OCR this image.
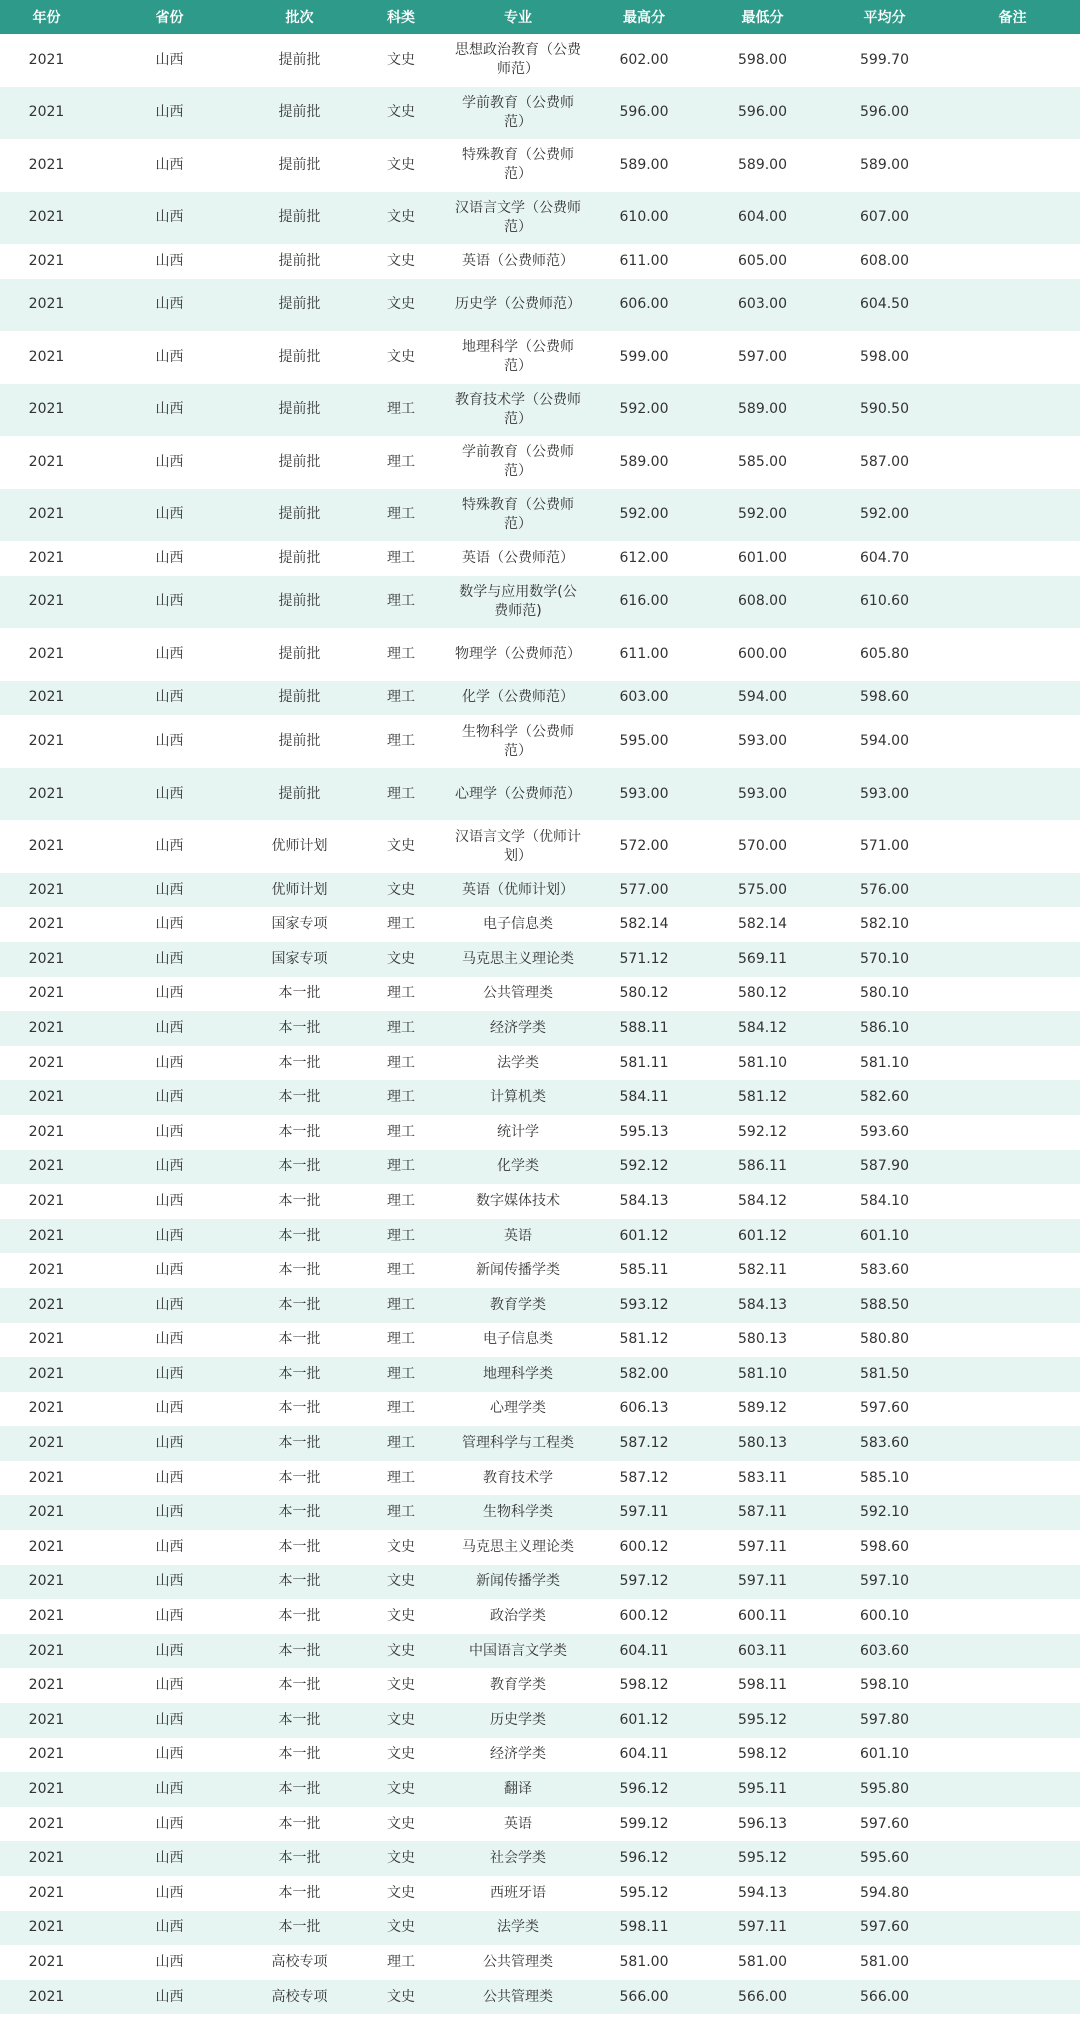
年份	省份	批次	科类	专业	最高分	最低分	平均分	备注
2021	山西	提前批	文史	思想政治教育（公费师范）	602.00	598.00	599.70	
2021	山西	提前批	文史	学前教育（公费师范）	596.00	596.00	596.00	
2021	山西	提前批	文史	特殊教育（公费师范）	589.00	589.00	589.00	
2021	山西	提前批	文史	汉语言文学（公费师范）	610.00	604.00	607.00	
2021	山西	提前批	文史	英语（公费师范）	611.00	605.00	608.00	
2021	山西	提前批	文史	历史学（公费师范）	606.00	603.00	604.50	
2021	山西	提前批	文史	地理科学（公费师范）	599.00	597.00	598.00	
2021	山西	提前批	理工	教育技术学（公费师范）	592.00	589.00	590.50	
2021	山西	提前批	理工	学前教育（公费师范）	589.00	585.00	587.00	
2021	山西	提前批	理工	特殊教育（公费师范）	592.00	592.00	592.00	
2021	山西	提前批	理工	英语（公费师范）	612.00	601.00	604.70	
2021	山西	提前批	理工	数学与应用数学(公费师范)	616.00	608.00	610.60	
2021	山西	提前批	理工	物理学（公费师范）	611.00	600.00	605.80	
2021	山西	提前批	理工	化学（公费师范）	603.00	594.00	598.60	
2021	山西	提前批	理工	生物科学（公费师范）	595.00	593.00	594.00	
2021	山西	提前批	理工	心理学（公费师范）	593.00	593.00	593.00	
2021	山西	优师计划	文史	汉语言文学（优师计划）	572.00	570.00	571.00	
2021	山西	优师计划	文史	英语（优师计划）	577.00	575.00	576.00	
2021	山西	国家专项	理工	电子信息类	582.14	582.14	582.10	
2021	山西	国家专项	文史	马克思主义理论类	571.12	569.11	570.10	
2021	山西	本一批	理工	公共管理类	580.12	580.12	580.10	
2021	山西	本一批	理工	经济学类	588.11	584.12	586.10	
2021	山西	本一批	理工	法学类	581.11	581.10	581.10	
2021	山西	本一批	理工	计算机类	584.11	581.12	582.60	
2021	山西	本一批	理工	统计学	595.13	592.12	593.60	
2021	山西	本一批	理工	化学类	592.12	586.11	587.90	
2021	山西	本一批	理工	数字媒体技术	584.13	584.12	584.10	
2021	山西	本一批	理工	英语	601.12	601.12	601.10	
2021	山西	本一批	理工	新闻传播学类	585.11	582.11	583.60	
2021	山西	本一批	理工	教育学类	593.12	584.13	588.50	
2021	山西	本一批	理工	电子信息类	581.12	580.13	580.80	
2021	山西	本一批	理工	地理科学类	582.00	581.10	581.50	
2021	山西	本一批	理工	心理学类	606.13	589.12	597.60	
2021	山西	本一批	理工	管理科学与工程类	587.12	580.13	583.60	
2021	山西	本一批	理工	教育技术学	587.12	583.11	585.10	
2021	山西	本一批	理工	生物科学类	597.11	587.11	592.10	
2021	山西	本一批	文史	马克思主义理论类	600.12	597.11	598.60	
2021	山西	本一批	文史	新闻传播学类	597.12	597.11	597.10	
2021	山西	本一批	文史	政治学类	600.12	600.11	600.10	
2021	山西	本一批	文史	中国语言文学类	604.11	603.11	603.60	
2021	山西	本一批	文史	教育学类	598.12	598.11	598.10	
2021	山西	本一批	文史	历史学类	601.12	595.12	597.80	
2021	山西	本一批	文史	经济学类	604.11	598.12	601.10	
2021	山西	本一批	文史	翻译	596.12	595.11	595.80	
2021	山西	本一批	文史	英语	599.12	596.13	597.60	
2021	山西	本一批	文史	社会学类	596.12	595.12	595.60	
2021	山西	本一批	文史	西班牙语	595.12	594.13	594.80	
2021	山西	本一批	文史	法学类	598.11	597.11	597.60	
2021	山西	高校专项	理工	公共管理类	581.00	581.00	581.00	
2021	山西	高校专项	文史	公共管理类	566.00	566.00	566.00	
